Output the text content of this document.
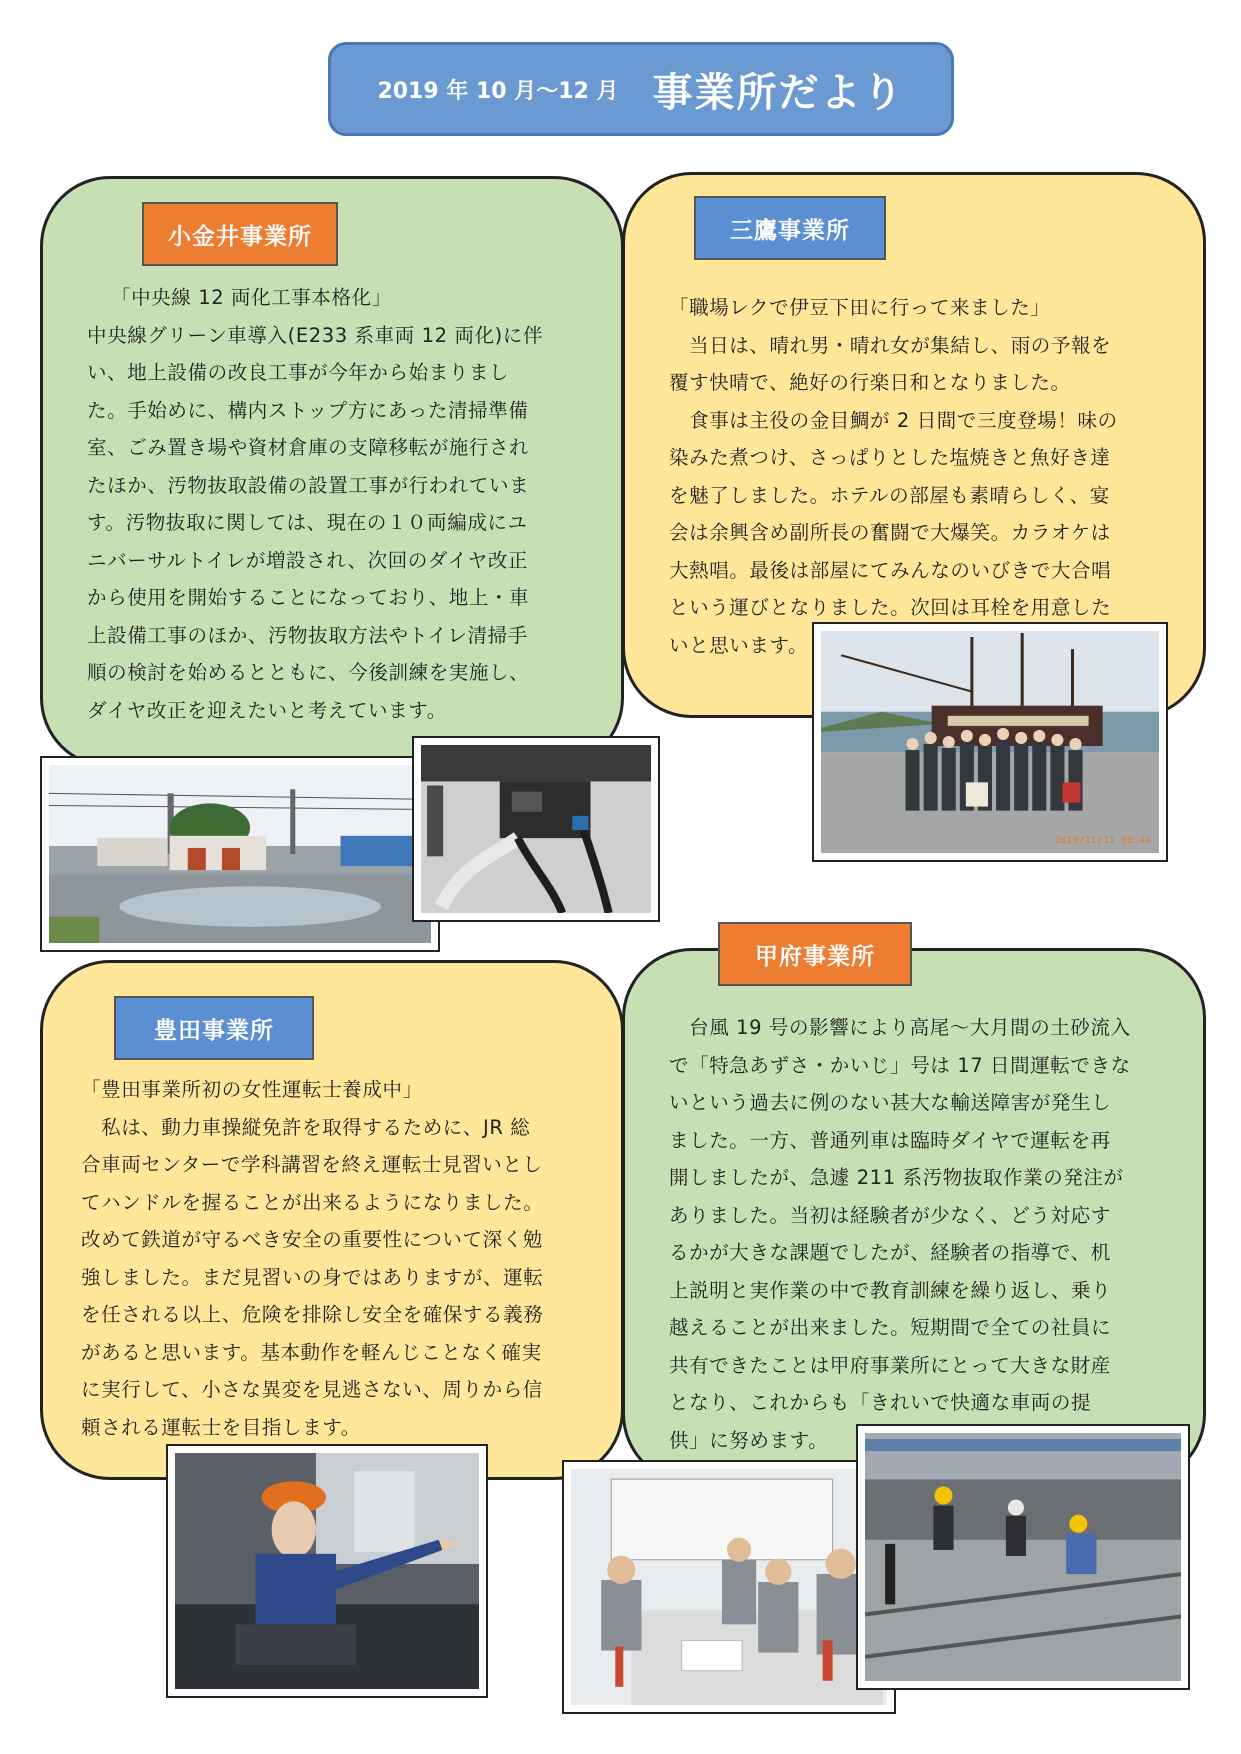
2019 年 10 月～12 月 事業所だより

「中央線 12 両化工事本格化」

中央線グリーン車導入(E233 系車両 12 両化)に伴

い、地上設備の改良工事が今年から始まりまし

た。手始めに、構内ストップ方にあった清掃準備

室、ごみ置き場や資材倉庫の支障移転が施行され

たほか、汚物抜取設備の設置工事が行われていま

す。汚物抜取に関しては、現在の１０両編成にユ

ニバーサルトイレが増設され、次回のダイヤ改正

から使用を開始することになっており、地上・車

上設備工事のほか、汚物抜取方法やトイレ清掃手

順の検討を始めるとともに、今後訓練を実施し、

ダイヤ改正を迎えたいと考えています。

小金井事業所

「職場レクで伊豆下田に行って来ました」

　当日は、晴れ男・晴れ女が集結し、雨の予報を

覆す快晴で、絶好の行楽日和となりました。

　食事は主役の金目鯛が 2 日間で三度登場！味の

染みた煮つけ、さっぱりとした塩焼きと魚好き達

を魅了しました。ホテルの部屋も素晴らしく、宴

会は余興含め副所長の奮闘で大爆笑。カラオケは

大熱唱。最後は部屋にてみんなのいびきで大合唱

という運びとなりました。次回は耳栓を用意した

いと思います。

三鷹事業所

「豊田事業所初の女性運転士養成中」

　私は、動力車操縦免許を取得するために、JR 総

合車両センターで学科講習を終え運転士見習いとし

てハンドルを握ることが出来るようになりました。

改めて鉄道が守るべき安全の重要性について深く勉

強しました。まだ見習いの身ではありますが、運転

を任される以上、危険を排除し安全を確保する義務

があると思います。基本動作を軽んじことなく確実

に実行して、小さな異変を見逃さない、周りから信

頼される運転士を目指します。

豊田事業所	　台風 19 号の影響により高尾～大月間の土砂流入

で「特急あずさ・かいじ」号は 17 日間運転できな

いという過去に例のない甚大な輸送障害が発生し

ました。一方、普通列車は臨時ダイヤで運転を再

開しましたが、急遽 211 系汚物抜取作業の発注が

ありました。当初は経験者が少なく、どう対応す

るかが大きな課題でしたが、経験者の指導で、机

上説明と実作業の中で教育訓練を繰り返し、乗り

越えることが出来ました。短期間で全ての社員に

共有できたことは甲府事業所にとって大きな財産

となり、これからも「きれいで快適な車両の提

供」に努めます。

甲府事業所
2019/11/11 08:44
